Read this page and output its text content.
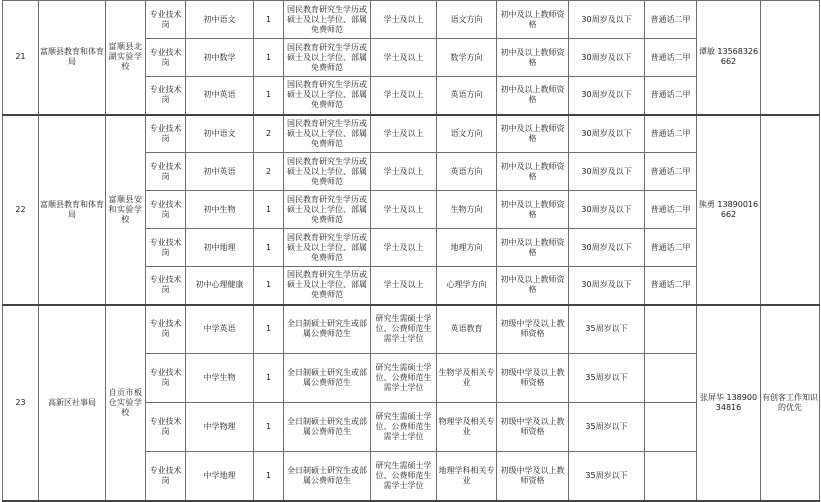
21	富顺县教育和体育局	富顺县北湖实验学校	专业技术岗	初中语文	1	国民教育研究生学历或硕士及以上学位、部属免费师范	学士及以上	语文方向	初中及以上教师资格	30周岁及以下	普通话二甲	谭敏 13568326662	
			专业技术岗	初中数学	1	国民教育研究生学历或硕士及以上学位、部属免费师范	学士及以上	数学方向	初中及以上教师资格	30周岁及以下	普通话二甲		
			专业技术岗	初中英语	1	国民教育研究生学历或硕士及以上学位、部属免费师范	学士及以上	英语方向	初中及以上教师资格	30周岁及以下	普通话二甲		
22	富顺县教育和体育局	富顺县安和实验学校	专业技术岗	初中语文	2	国民教育研究生学历或硕士及以上学位、部属免费师范	学士及以上	语文方向	初中及以上教师资格	30周岁及以下	普通话二甲	熊勇 13890016662	
			专业技术岗	初中英语	2	国民教育研究生学历或硕士及以上学位、部属免费师范	学士及以上	英语方向	初中及以上教师资格	30周岁及以下	普通话二甲		
			专业技术岗	初中生物	1	国民教育研究生学历或硕士及以上学位、部属免费师范	学士及以上	生物方向	初中及以上教师资格	30周岁及以下	普通话二甲		
			专业技术岗	初中地理	1	国民教育研究生学历或硕士及以上学位、部属免费师范	学士及以上	地理方向	初中及以上教师资格	30周岁及以下	普通话二甲		
			专业技术岗	初中心理健康	1	国民教育研究生学历或硕士及以上学位、部属免费师范	学士及以上	心理学方向	初中及以上教师资格	30周岁及以下	普通话二甲		
23	高新区社事局	自贡市板仓实验学校	专业技术岗	中学英语	1	全日制硕士研究生或部属公费师范生	研究生需硕士学位、公费师范生需学士学位	英语教育	初级中学及以上教师资格	35周岁以下		张屏华 13890034816	有创客工作知识的优先
			专业技术岗	中学生物	1	全日制硕士研究生或部属公费师范生	研究生需硕士学位、公费师范生需学士学位	生物学及相关专业	初级中学及以上教师资格	35周岁以下			
			专业技术岗	中学物理	1	全日制硕士研究生或部属公费师范生	研究生需硕士学位、公费师范生需学士学位	物理学及相关专业	初级中学及以上教师资格	35周岁以下			
			专业技术岗	中学地理	1	全日制硕士研究生或部属公费师范生	研究生需硕士学位、公费师范生需学士学位	地理学科相关专业	初级中学及以上教师资格	35周岁以下			
